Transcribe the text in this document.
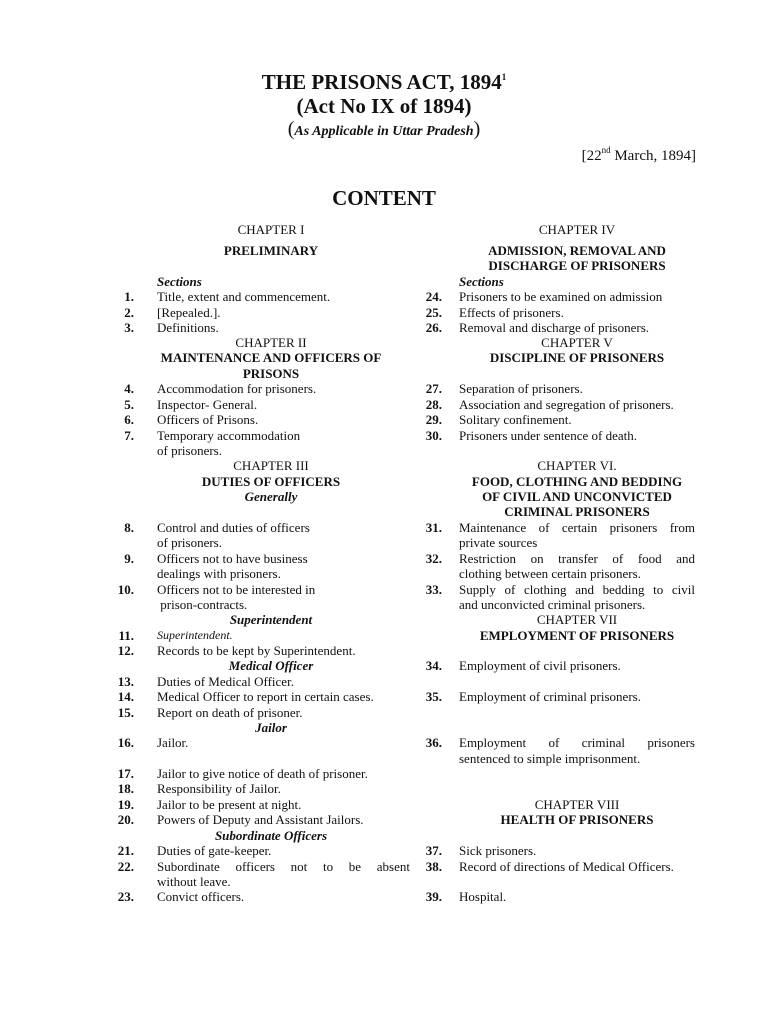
THE PRISONS ACT, 1894$^1$
(Act No IX of 1894)
(As Applicable in Uttar Pradesh)
[22nd March, 1894]
CONTENT
CHAPTER I
PRELIMINARY
Sections
1. Title, extent and commencement.
2. [Repealed.].
3. Definitions.
CHAPTER II
MAINTENANCE AND OFFICERS OF
PRISONS
4. Accommodation for prisoners.
5. Inspector- General.
6. Officers of Prisons.
7. Temporary accommodation
of prisoners.
CHAPTER III
DUTIES OF OFFICERS
Generally
8. Control and duties of officers
of prisoners.
9. Officers not to have business
dealings with prisoners.
10. Officers not to be interested in
prison-contracts.
Superintendent
11. Superintendent.
12. Records to be kept by Superintendent.
Medical Officer
13. Duties of Medical Officer.
14. Medical Officer to report in certain cases.
15. Report on death of prisoner.
Jailor
16. Jailor.
17. Jailor to give notice of death of prisoner.
18. Responsibility of Jailor.
19. Jailor to be present at night.
20. Powers of Deputy and Assistant Jailors.
Subordinate Officers
21. Duties of gate-keeper.
22. Subordinate officers not to be absent
without leave.
23. Convict officers.
CHAPTER IV
ADMISSION, REMOVAL AND
DISCHARGE OF PRISONERS
Sections
24. Prisoners to be examined on admission
25. Effects of prisoners.
26. Removal and discharge of prisoners.
CHAPTER V
DISCIPLINE OF PRISONERS
27. Separation of prisoners.
28. Association and segregation of prisoners.
29. Solitary confinement.
30. Prisoners under sentence of death.
CHAPTER VI.
FOOD, CLOTHING AND BEDDING
OF CIVIL AND UNCONVICTED
CRIMINAL PRISONERS
31. Maintenance of certain prisoners from
private sources
32. Restriction on transfer of food and
clothing between certain prisoners.
33. Supply of clothing and bedding to civil
and unconvicted criminal prisoners.
CHAPTER VII
EMPLOYMENT OF PRISONERS
34. Employment of civil prisoners.
35. Employment of criminal prisoners.
36. Employment of criminal prisoners
sentenced to simple imprisonment.
CHAPTER VIII
HEALTH OF PRISONERS
37. Sick prisoners.
38. Record of directions of Medical Officers.
39. Hospital.
